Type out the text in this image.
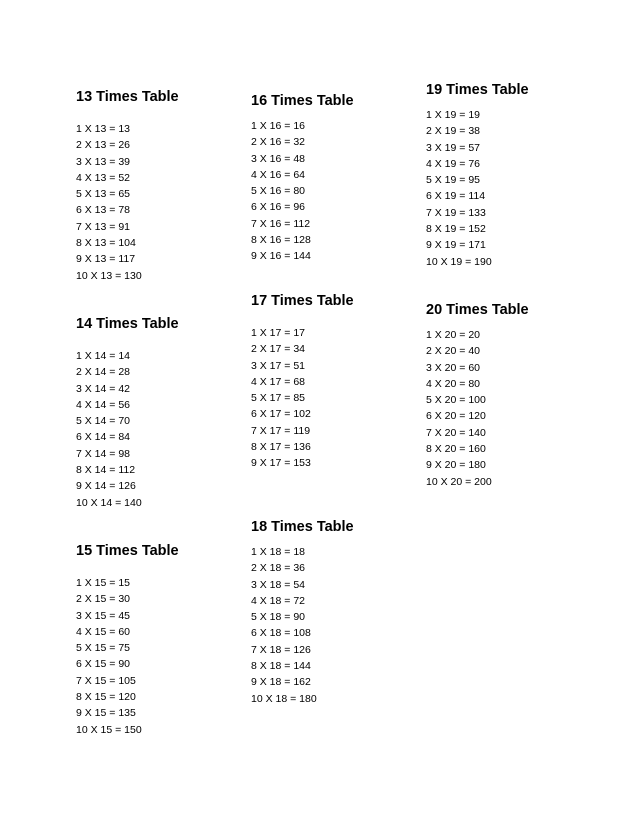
13 Times Table
1 X 13 = 13
2 X 13 = 26
3 X 13 = 39
4 X 13 = 52
5 X 13 = 65
6 X 13 = 78
7 X 13 = 91
8 X 13 = 104
9 X 13 = 117
10 X 13 = 130
14 Times Table
1 X 14 = 14
2 X 14 = 28
3 X 14 = 42
4 X 14 = 56
5 X 14 = 70
6 X 14 = 84
7 X 14 = 98
8 X 14 = 112
9 X 14 = 126
10 X 14 = 140
15 Times Table
1 X 15 = 15
2 X 15 = 30
3 X 15 = 45
4 X 15 = 60
5 X 15 = 75
6 X 15 = 90
7 X 15 = 105
8 X 15 = 120
9 X 15 = 135
10 X 15 = 150
16 Times Table
1 X 16 = 16
2 X 16 = 32
3 X 16 = 48
4 X 16 = 64
5 X 16 = 80
6 X 16 = 96
7 X 16 = 112
8 X 16 = 128
9 X 16 = 144
17 Times Table
1 X 17 = 17
2 X 17 = 34
3 X 17 = 51
4 X 17 = 68
5 X 17 = 85
6 X 17 = 102
7 X 17 = 119
8 X 17 = 136
9 X 17 = 153
18 Times Table
1 X 18 = 18
2 X 18 = 36
3 X 18 = 54
4 X 18 = 72
5 X 18 = 90
6 X 18 = 108
7 X 18 = 126
8 X 18 = 144
9 X 18 = 162
10 X 18 = 180
19 Times Table
1 X 19 = 19
2 X 19 = 38
3 X 19 = 57
4 X 19 = 76
5 X 19 = 95
6 X 19 = 114
7 X 19 = 133
8 X 19 = 152
9 X 19 = 171
10 X 19 = 190
20 Times Table
1 X 20 = 20
2 X 20 = 40
3 X 20 = 60
4 X 20 = 80
5 X 20 = 100
6 X 20 = 120
7 X 20 = 140
8 X 20 = 160
9 X 20 = 180
10 X 20 = 200
